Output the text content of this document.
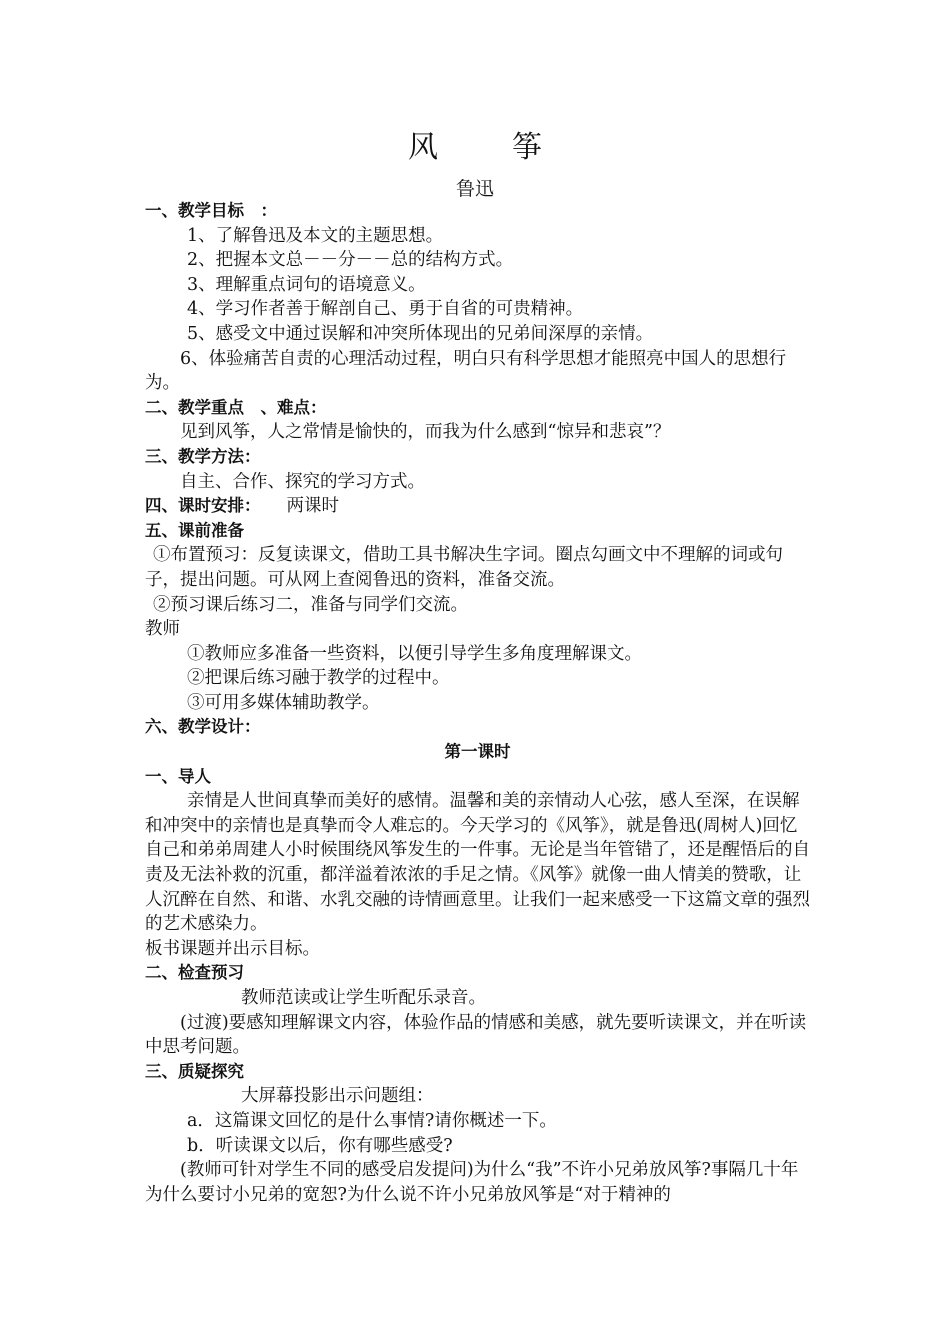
风　筝
鲁迅

一、教学目标　：

1、了解鲁迅及本文的主题思想。

2、把握本文总－－分－－总的结构方式。

3、理解重点词句的语境意义。

4、学习作者善于解剖自己、勇于自省的可贵精神。

5、感受文中通过误解和冲突所体现出的兄弟间深厚的亲情。

6、体验痛苦自责的心理活动过程，明白只有科学思想才能照亮中国人的思想行为。

二、教学重点　、难点：

见到风筝，人之常情是愉快的，而我为什么感到“惊异和悲哀”？

三、教学方法：

自主、合作、探究的学习方式。

四、课时安排： 两课时

五、课前准备

①布置预习：反复读课文，借助工具书解决生字词。圈点勾画文中不理解的词或句子，提出问题。可从网上查阅鲁迅的资料，准备交流。

②预习课后练习二，准备与同学们交流。

教师

①教师应多准备一些资料，以便引导学生多角度理解课文。

②把课后练习融于教学的过程中。

③可用多媒体辅助教学。

六、教学设计：

第一课时

一、导人

亲情是人世间真挚而美好的感情。温馨和美的亲情动人心弦，感人至深，在误解和冲突中的亲情也是真挚而令人难忘的。今天学习的《风筝》，就是鲁迅(周树人)回忆自己和弟弟周建人小时候围绕风筝发生的一件事。无论是当年管错了，还是醒悟后的自责及无法补救的沉重，都洋溢着浓浓的手足之情。《风筝》就像一曲人情美的赞歌，让人沉醉在自然、和谐、水乳交融的诗情画意里。让我们一起来感受一下这篇文章的强烈的艺术感染力。

板书课题并出示目标。

二、检查预习

教师范读或让学生听配乐录音。

(过渡)要感知理解课文内容，体验作品的情感和美感，就先要听读课文，并在听读中思考问题。

三、质疑探究

大屏幕投影出示问题组：

a．这篇课文回忆的是什么事情?请你概述一下。

b．听读课文以后，你有哪些感受?

(教师可针对学生不同的感受启发提问)为什么“我”不许小兄弟放风筝?事隔几十年为什么要讨小兄弟的宽恕?为什么说不许小兄弟放风筝是“对于精神的
